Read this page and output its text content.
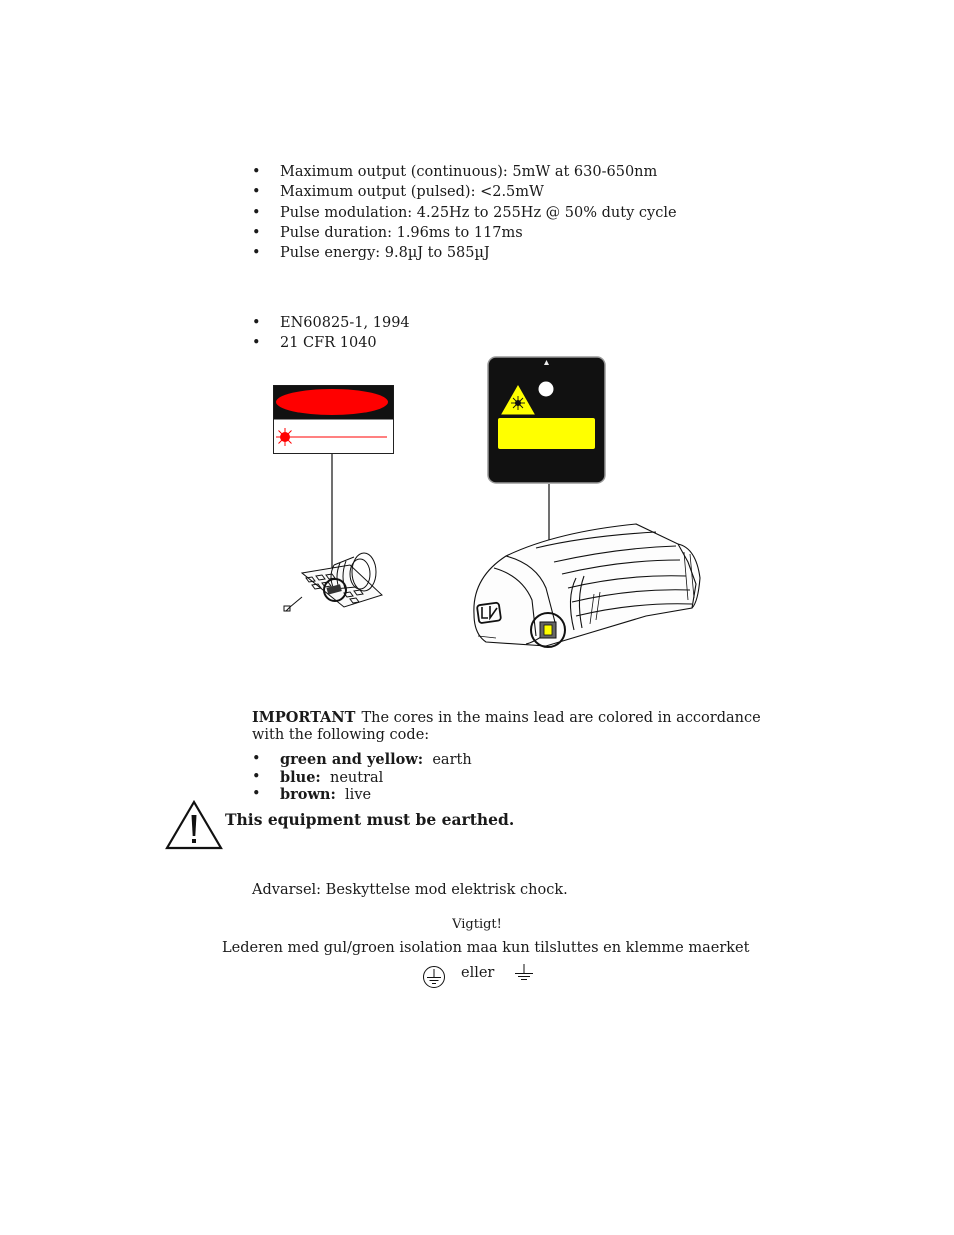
• Maximum output (continuous): 5mW at 630-650nm
• Maximum output (pulsed): <2.5mW
• Pulse modulation: 4.25Hz to 255Hz @ 50% duty cycle
• Pulse duration: 1.96ms to 117ms
• Pulse energy: 9.8µJ to 585µJ
• EN60825-1, 1994
• 21 CFR 1040
IMPORTANT The cores in the mains lead are colored in accordance with the following code:
• green and yellow: earth
• blue: neutral
• brown: live
This equipment must be earthed.
Advarsel: Beskyttelse mod elektrisk chock.
Vigtigt!
Lederen med gul/groen isolation maa kun tilsluttes en klemme maerket
eller
